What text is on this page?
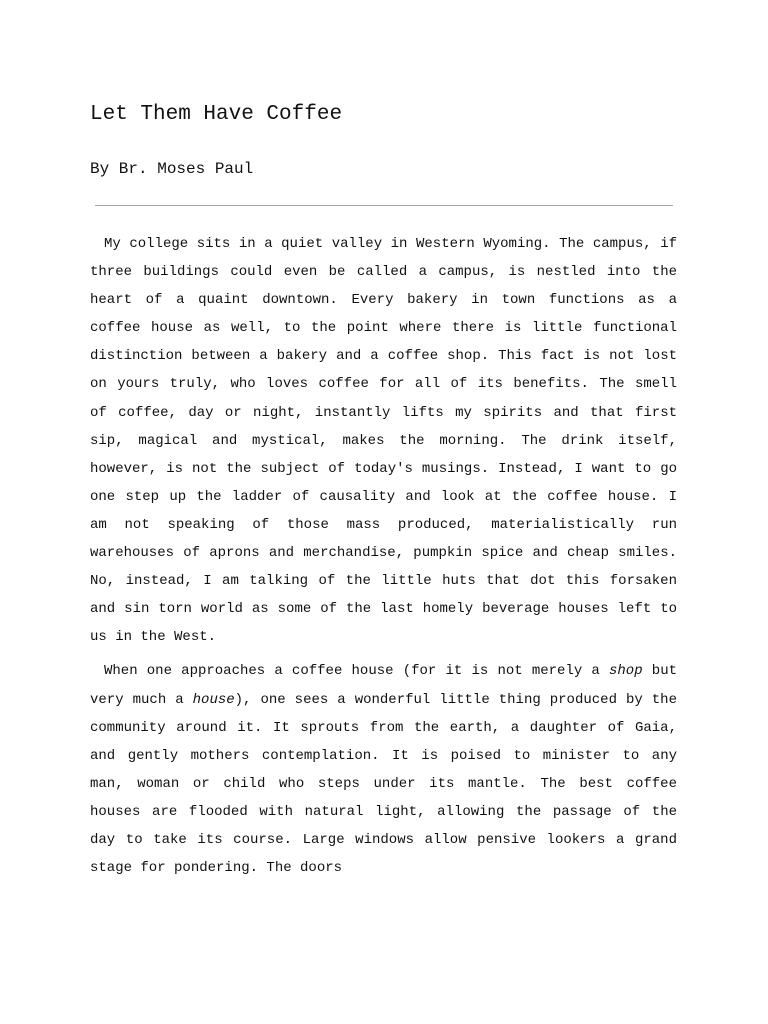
Let Them Have Coffee

By Br. Moses Paul

My college sits in a quiet valley in Western Wyoming. The campus, if three buildings could even be called a campus, is nestled into the heart of a quaint downtown. Every bakery in town functions as a coffee house as well, to the point where there is little functional distinction between a bakery and a coffee shop. This fact is not lost on yours truly, who loves coffee for all of its benefits. The smell of coffee, day or night, instantly lifts my spirits and that first sip, magical and mystical, makes the morning. The drink itself, however, is not the subject of today's musings. Instead, I want to go one step up the ladder of causality and look at the coffee house. I am not speaking of those mass produced, materialistically run warehouses of aprons and merchandise, pumpkin spice and cheap smiles. No, instead, I am talking of the little huts that dot this forsaken and sin torn world as some of the last homely beverage houses left to us in the West.

When one approaches a coffee house (for it is not merely a shop but very much a house), one sees a wonderful little thing produced by the community around it. It sprouts from the earth, a daughter of Gaia, and gently mothers contemplation. It is poised to minister to any man, woman or child who steps under its mantle. The best coffee houses are flooded with natural light, allowing the passage of the day to take its course. Large windows allow pensive lookers a grand stage for pondering. The doors
